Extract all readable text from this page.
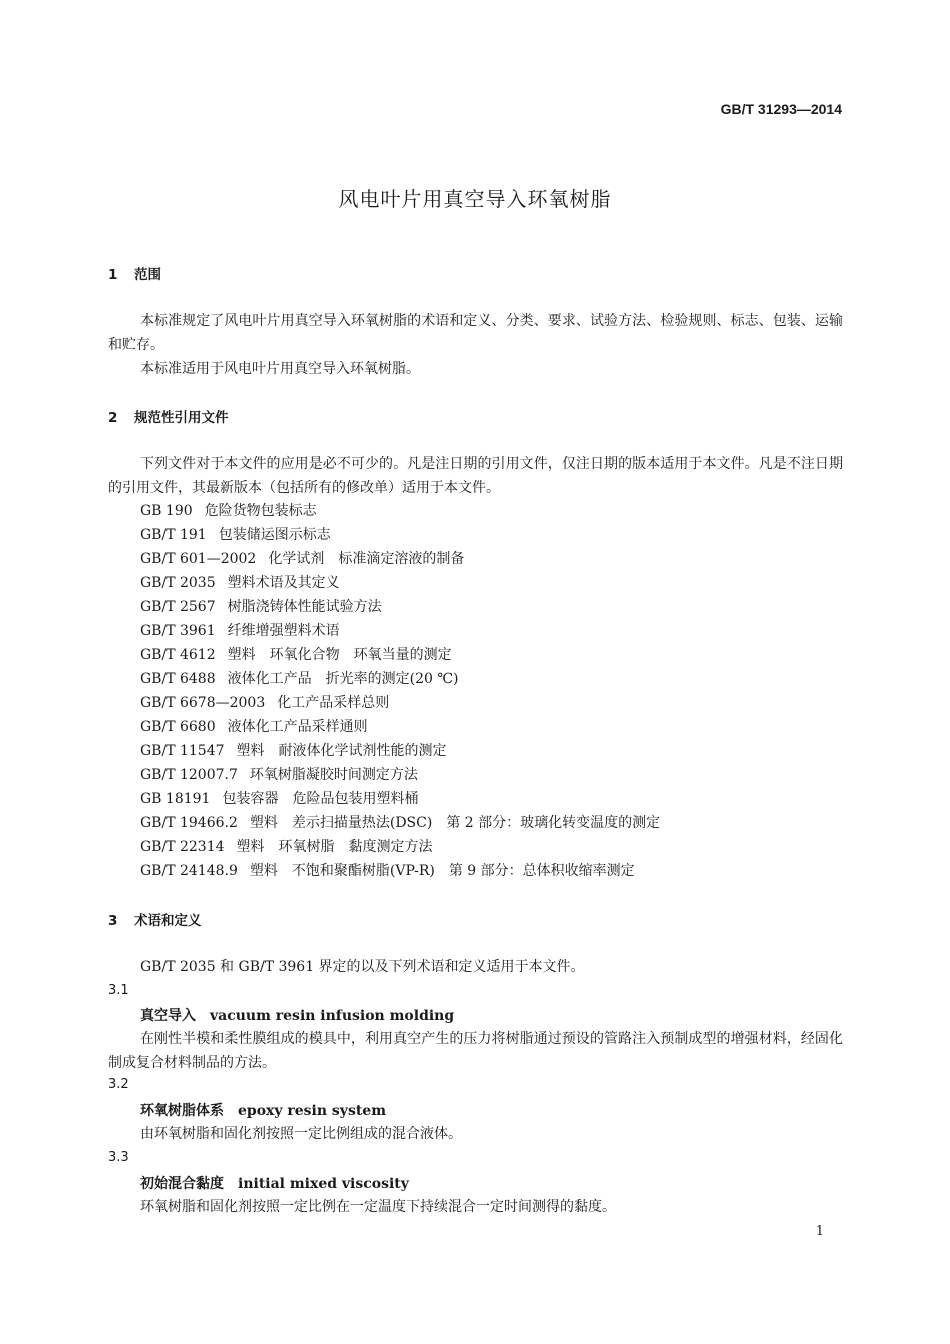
GB/T 31293—2014
风电叶片用真空导入环氧树脂
1 范围
本标准规定了风电叶片用真空导入环氧树脂的术语和定义、分类、要求、试验方法、检验规则、标志、包装、运输和贮存。
本标准适用于风电叶片用真空导入环氧树脂。
2 规范性引用文件
下列文件对于本文件的应用是必不可少的。凡是注日期的引用文件，仅注日期的版本适用于本文件。凡是不注日期的引用文件，其最新版本（包括所有的修改单）适用于本文件。
GB 190 危险货物包装标志
GB/T 191 包装储运图示标志
GB/T 601—2002 化学试剂　标准滴定溶液的制备
GB/T 2035 塑料术语及其定义
GB/T 2567 树脂浇铸体性能试验方法
GB/T 3961 纤维增强塑料术语
GB/T 4612 塑料　环氧化合物　环氧当量的测定
GB/T 6488 液体化工产品　折光率的测定(20 ℃)
GB/T 6678—2003 化工产品采样总则
GB/T 6680 液体化工产品采样通则
GB/T 11547 塑料　耐液体化学试剂性能的测定
GB/T 12007.7 环氧树脂凝胶时间测定方法
GB 18191 包装容器　危险品包装用塑料桶
GB/T 19466.2 塑料　差示扫描量热法(DSC)　第 2 部分：玻璃化转变温度的测定
GB/T 22314 塑料　环氧树脂　黏度测定方法
GB/T 24148.9 塑料　不饱和聚酯树脂(VP-R)　第 9 部分：总体积收缩率测定
3 术语和定义
GB/T 2035 和 GB/T 3961 界定的以及下列术语和定义适用于本文件。
3.1
真空导入 vacuum resin infusion molding
在刚性半模和柔性膜组成的模具中，利用真空产生的压力将树脂通过预设的管路注入预制成型的增强材料，经固化制成复合材料制品的方法。
3.2
环氧树脂体系 epoxy resin system
由环氧树脂和固化剂按照一定比例组成的混合液体。
3.3
初始混合黏度 initial mixed viscosity
环氧树脂和固化剂按照一定比例在一定温度下持续混合一定时间测得的黏度。
1
